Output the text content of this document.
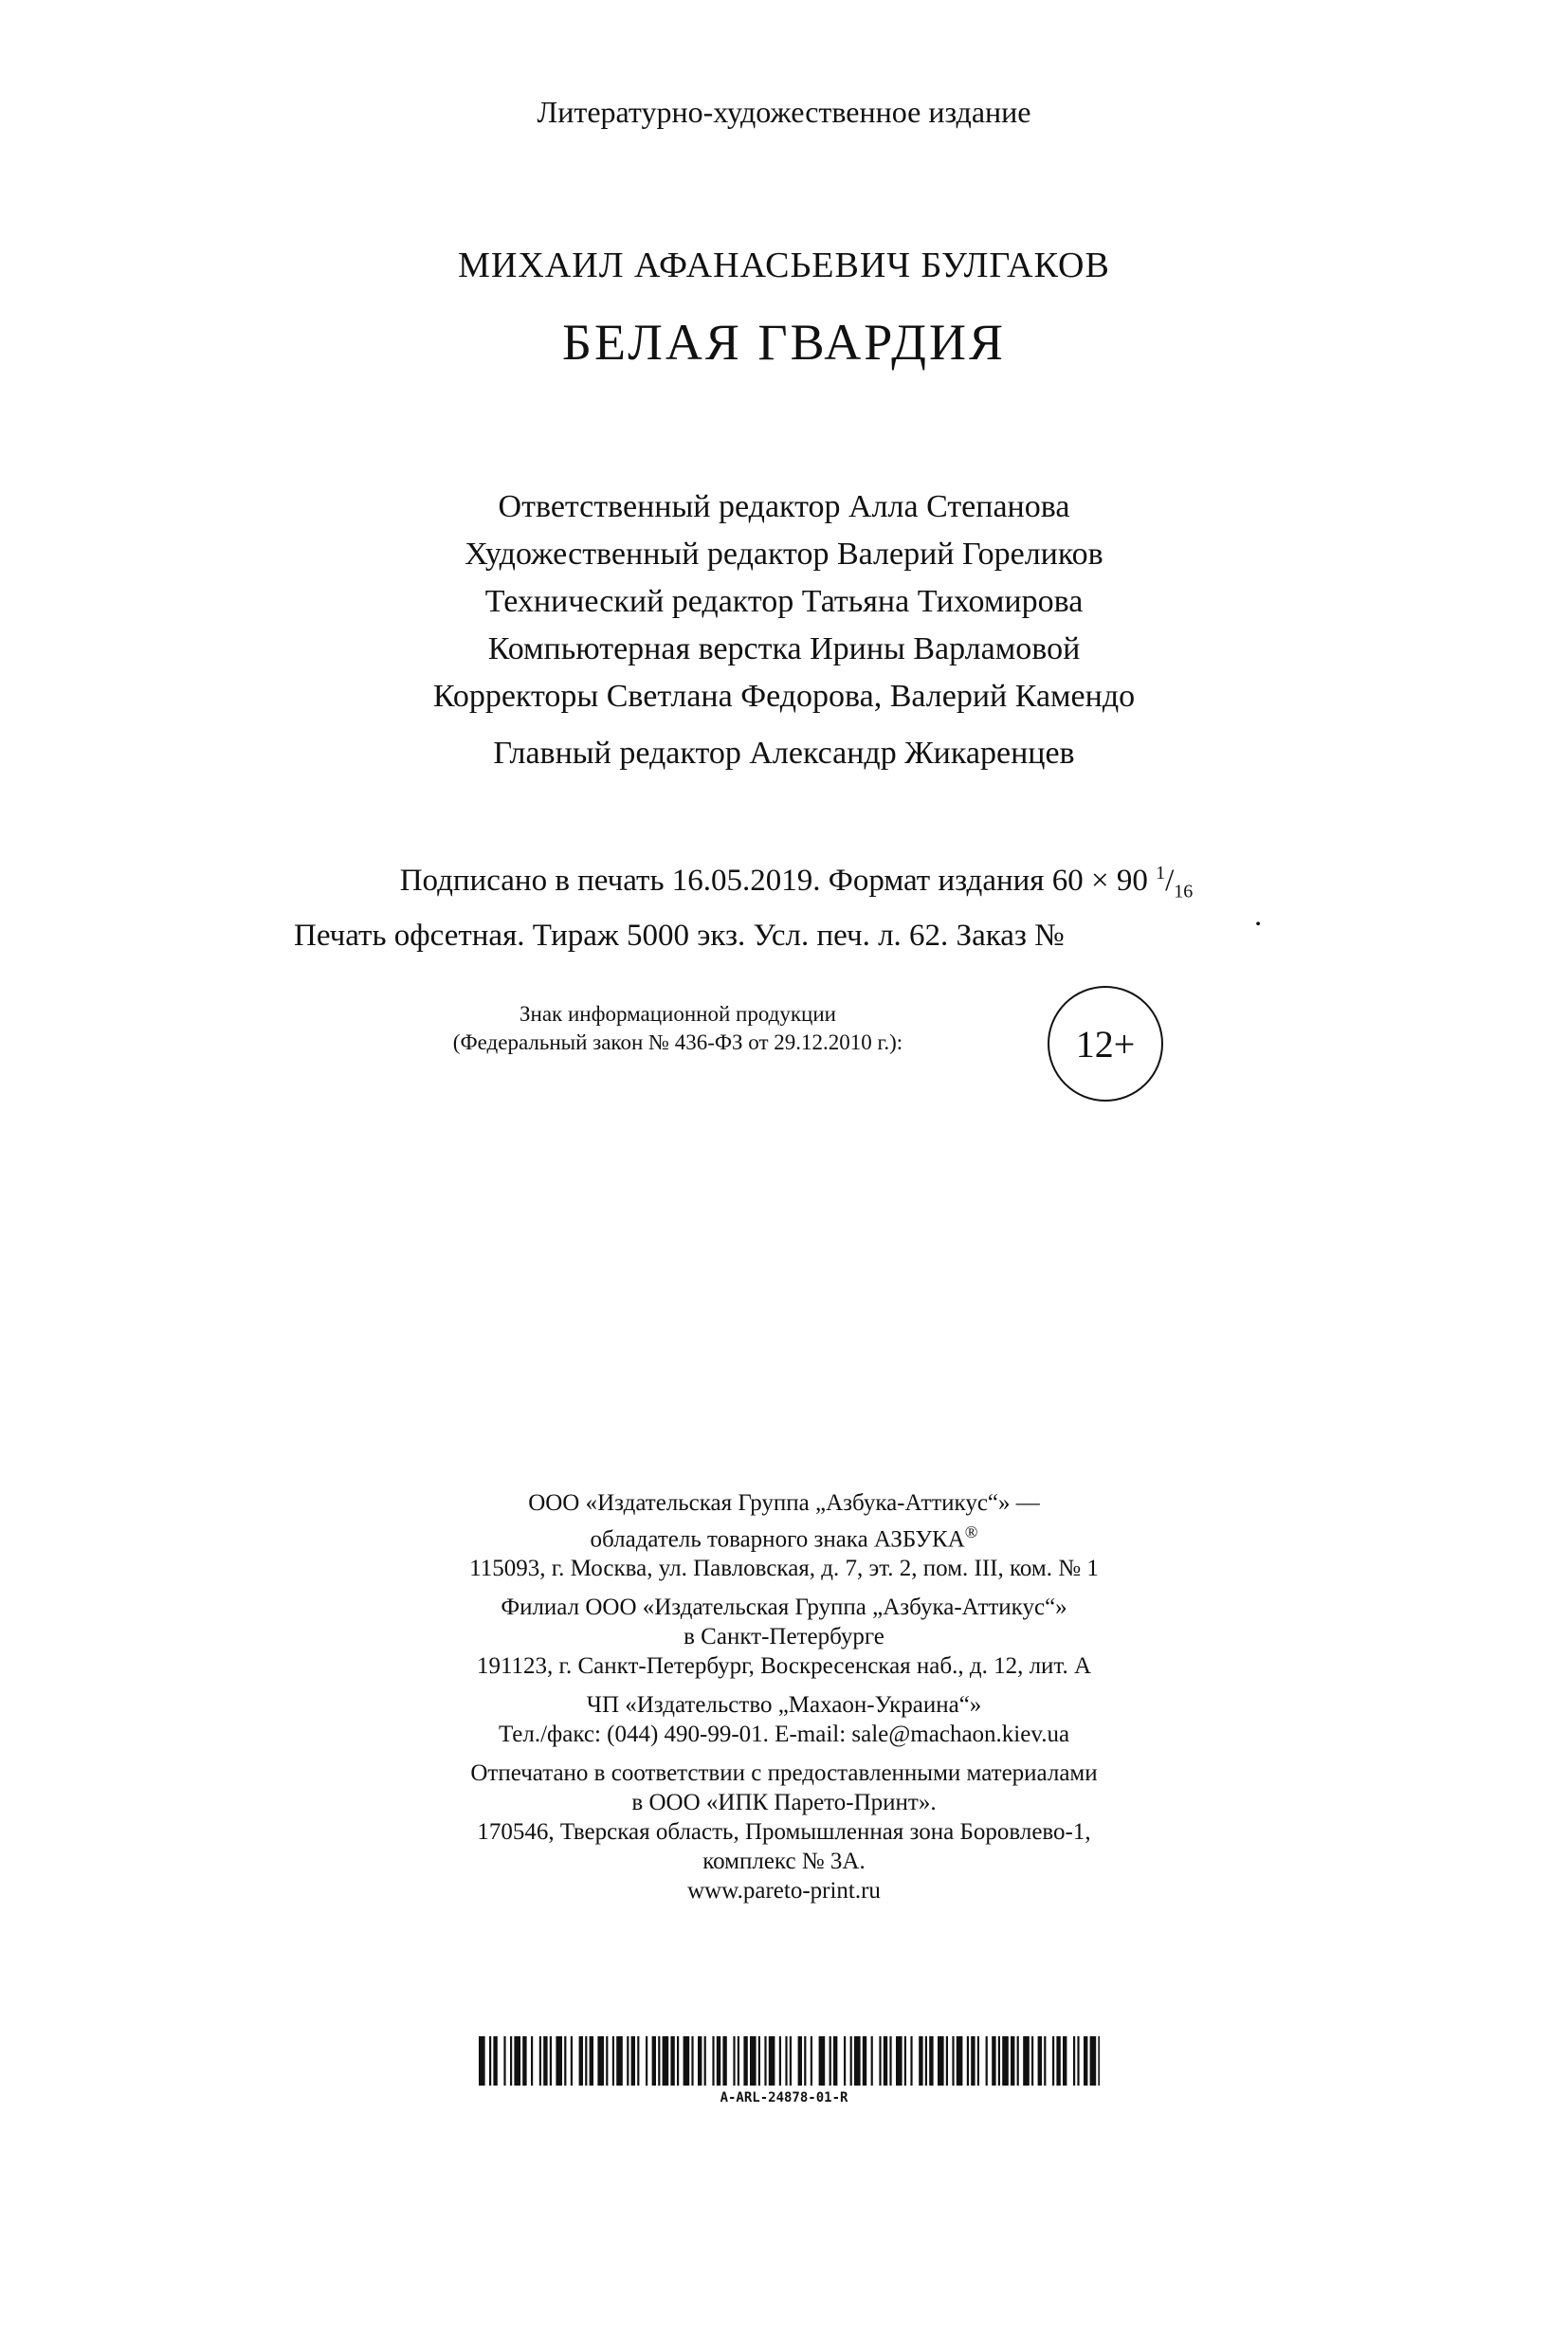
Литературно-художественное издание
МИХАИЛ АФАНАСЬЕВИЧ БУЛГАКОВ
БЕЛАЯ ГВАРДИЯ
Ответственный редактор Алла Степанова
Художественный редактор Валерий Гореликов
Технический редактор Татьяна Тихомирова
Компьютерная верстка Ирины Варламовой
Корректоры Светлана Федорова, Валерий Камендо
Главный редактор Александр Жикаренцев
Подписано в печать 16.05.2019. Формат издания 60 × 90 $^1/_{16}$
Печать офсетная. Тираж 5000 экз. Усл. печ. л. 62. Заказ №
.
Знак информационной продукции
(Федеральный закон № 436-ФЗ от 29.12.2010 г.):	12+
ООО «Издательская Группа „Азбука-Аттикус“» —
обладатель товарного знака АЗБУКА®
115093, г. Москва, ул. Павловская, д. 7, эт. 2, пом. III, ком. № 1
Филиал ООО «Издательская Группа „Азбука-Аттикус“»
в Санкт-Петербурге
191123, г. Санкт-Петербург, Воскресенская наб., д. 12, лит. А
ЧП «Издательство „Махаон-Украина“»
Тел./факс: (044) 490-99-01. E-mail: sale@machaon.kiev.ua
Отпечатано в соответствии с предоставленными материалами
в ООО «ИПК Парето-Принт».
170546, Тверская область, Промышленная зона Боровлево-1,
комплекс № 3А.
www.pareto-print.ru
A-ARL-24878-01-R
